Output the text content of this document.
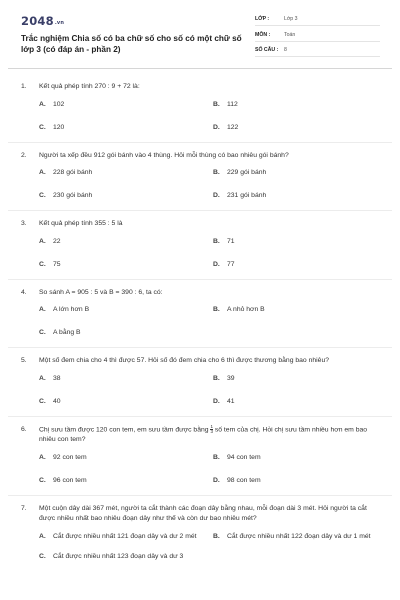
2048.vn
Trắc nghiệm Chia số có ba chữ số cho số có một chữ số lớp 3 (có đáp án - phần 2)
LỚP :	Lớp 3
MÔN :	Toán
SỐ CÂU : 8
1.	Kết quả phép tính 270 : 9 + 72 là:
A.	102	B.	112
C.	120	D.	122
2.	Người ta xếp đều 912 gói bánh vào 4 thùng. Hỏi mỗi thùng có bao nhiêu gói bánh?
A.	228 gói bánh	B.	229 gói bánh
C.	230 gói bánh	D.	231 gói bánh
3.	Kết quả phép tính 355 : 5 là
A.	22	B.	71
C.	75	D.	77
4.	So sánh A = 905 : 5 và B = 390 : 6, ta có:
A.	A lớn hơn B	B.	A nhỏ hơn B
C.	A bằng B
5.	Một số đem chia cho 4 thì được 57. Hỏi số đó đem chia cho 6 thì được thương bằng bao nhiêu?
A.	38	B.	39
C.	40	D.	41
6.	Chị sưu tầm được 120 con tem, em sưu tầm được bằng $\frac{1}{3}$ số tem của chị. Hỏi chị sưu tầm nhiều hơn em bao nhiêu con tem?
A.	92 con tem	B.	94 con tem
C.	96 con tem	D.	98 con tem
7.	Một cuộn dây dài 367 mét, người ta cắt thành các đoạn dây bằng nhau, mỗi đoạn dài 3 mét. Hỏi người ta cắt được nhiều nhất bao nhiêu đoạn dây như thế và còn dư bao nhiêu mét?
A.	Cắt được nhiều nhất 121 đoạn dây và dư 2 mét	B.	Cắt được nhiều nhất 122 đoạn dây và dư 1 mét
C.	Cắt được nhiều nhất 123 đoạn dây và dư 3
